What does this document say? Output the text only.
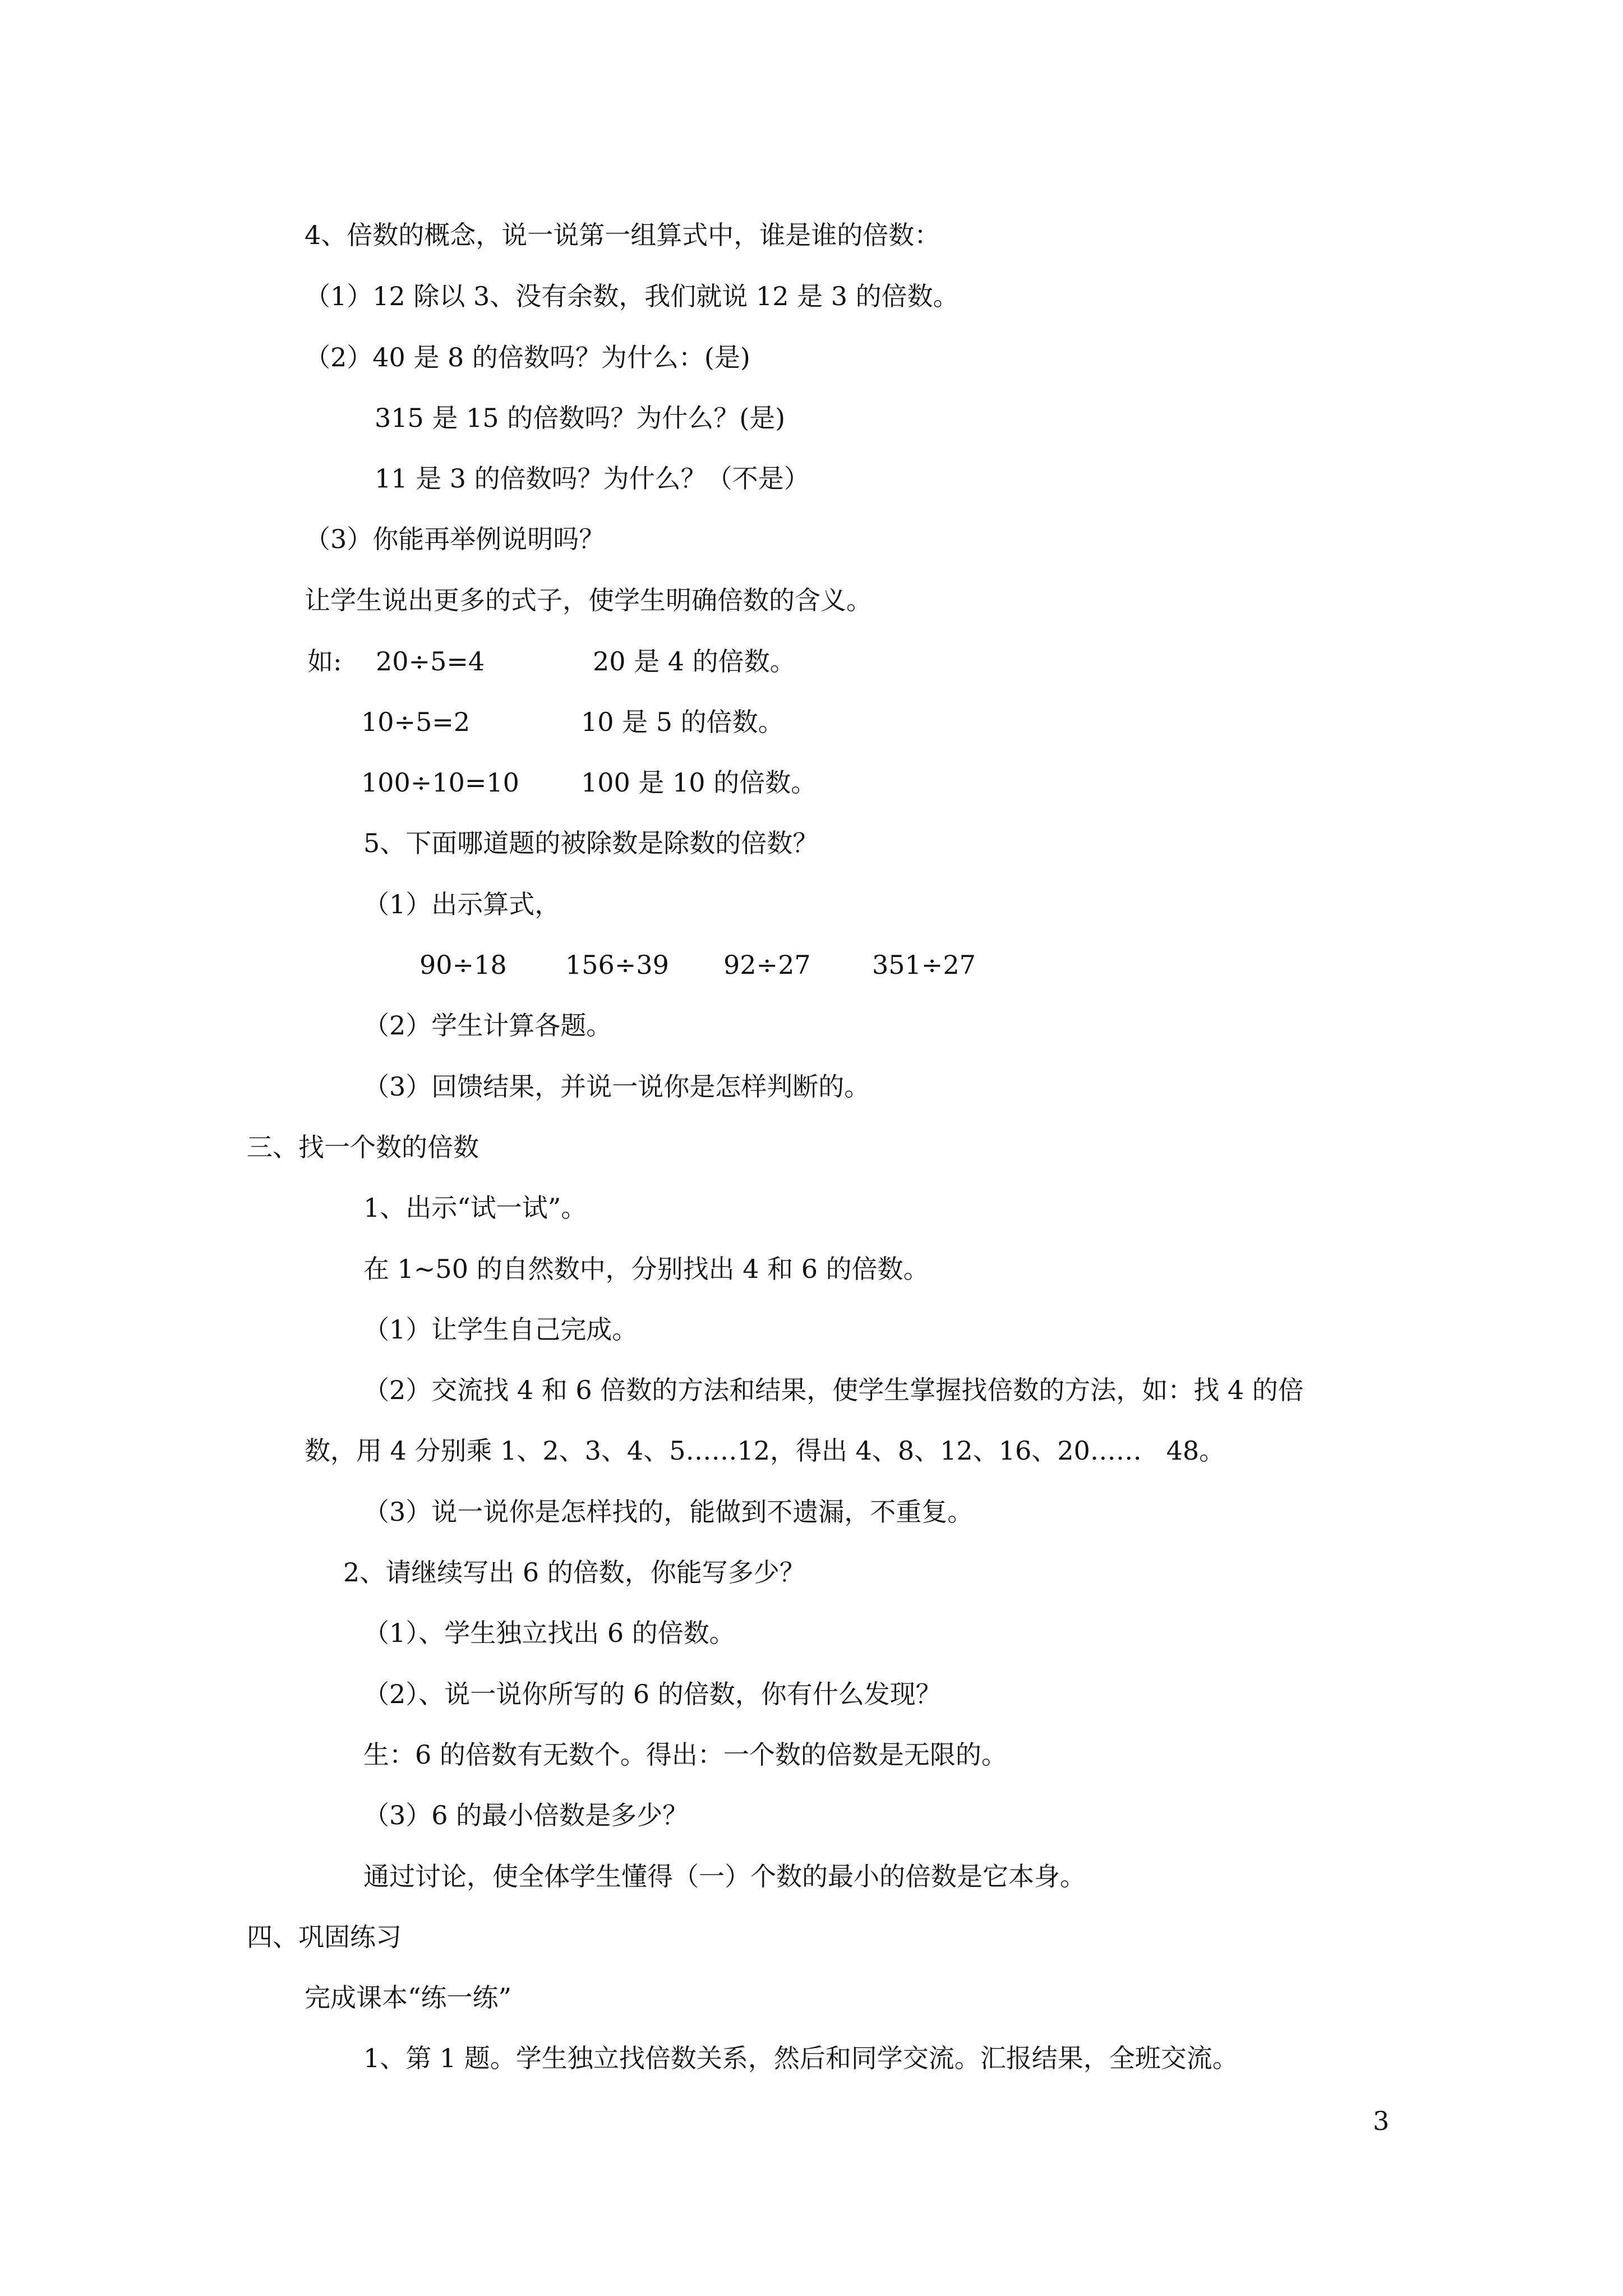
4、倍数的概念，说一说第一组算式中，谁是谁的倍数：
（1）12 除以 3、没有余数，我们就说 12 是 3 的倍数。
（2）40 是 8 的倍数吗？为什么：(是)
315 是 15 的倍数吗？为什么？(是)
11 是 3 的倍数吗？为什么？（不是）
（3）你能再举例说明吗？
让学生说出更多的式子，使学生明确倍数的含义。
如: 20÷5=4	20 是 4 的倍数。
10÷5=2	10 是 5 的倍数。
100÷10=10 100 是 10 的倍数。
5、下面哪道题的被除数是除数的倍数？
（1）出示算式，
90÷18 156÷39 92÷27 351÷27
（2）学生计算各题。
（3）回馈结果，并说一说你是怎样判断的。
三、找一个数的倍数
1、出示“试一试”。
在 1~50 的自然数中，分别找出 4 和 6 的倍数。
（1）让学生自己完成。
（2）交流找 4 和 6 倍数的方法和结果，使学生掌握找倍数的方法，如：找 4 的倍
数，用 4 分别乘 1、2、3、4、5……12，得出 4、8、12、16、20……   48。
（3）说一说你是怎样找的，能做到不遗漏，不重复。
2、请继续写出 6 的倍数，你能写多少？
（1）、学生独立找出 6 的倍数。
（2）、说一说你所写的 6 的倍数，你有什么发现？
生：6 的倍数有无数个。得出：一个数的倍数是无限的。
（3）6 的最小倍数是多少？
通过讨论，使全体学生懂得（一）个数的最小的倍数是它本身。
四、巩固练习
完成课本“练一练”
1、第 1 题。学生独立找倍数关系，然后和同学交流。汇报结果，全班交流。
3
